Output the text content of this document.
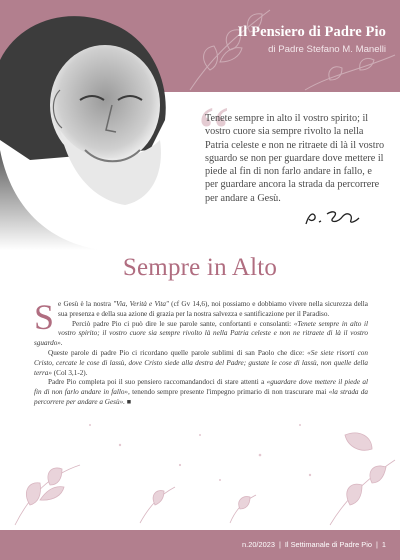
Il Pensiero di Padre Pio
di Padre Stefano M. Manelli
“
Tenete sempre in alto il vostro spirito; il vostro cuore sia sempre rivolto la nella Patria celeste e non ne ritraete di là il vostro sguardo se non per guardare dove mettere il piede al fin di non farlo andare in fallo, e per guardare ancora la strada da percorrere per andare a Gesù.
Sempre in Alto

Se Gesù è la nostra "Via, Verità e Vita" (cf Gv 14,6), noi possiamo e dobbiamo vivere nella sicurezza della sua presenza e della sua azione di grazia per la nostra salvezza e santificazione per il Paradiso.

Perciò padre Pio ci può dire le sue parole sante, confortanti e consolanti: «Tenete sempre in alto il vostro spirito; il vostro cuore sia sempre rivolto là nella Patria celeste e non ne ritraete di là il vostro sguardo».

Queste parole di padre Pio ci ricordano quelle parole sublimi di san Paolo che dice: «Se siete risorti con Cristo, cercate le cose di lassù, dove Cristo siede alla destra del Padre; gustate le cose di lassù, non quelle della terra» (Col 3,1-2).

Padre Pio completa poi il suo pensiero raccomandandoci di stare attenti a «guardare dove mettere il piede al fin di non farlo andare in fallo», tenendo sempre presente l'impegno primario di non trascurare mai «la strada da percorrere per andare a Gesù». ■

n.20/2023 | Il Settimanale di Padre Pio | 1
